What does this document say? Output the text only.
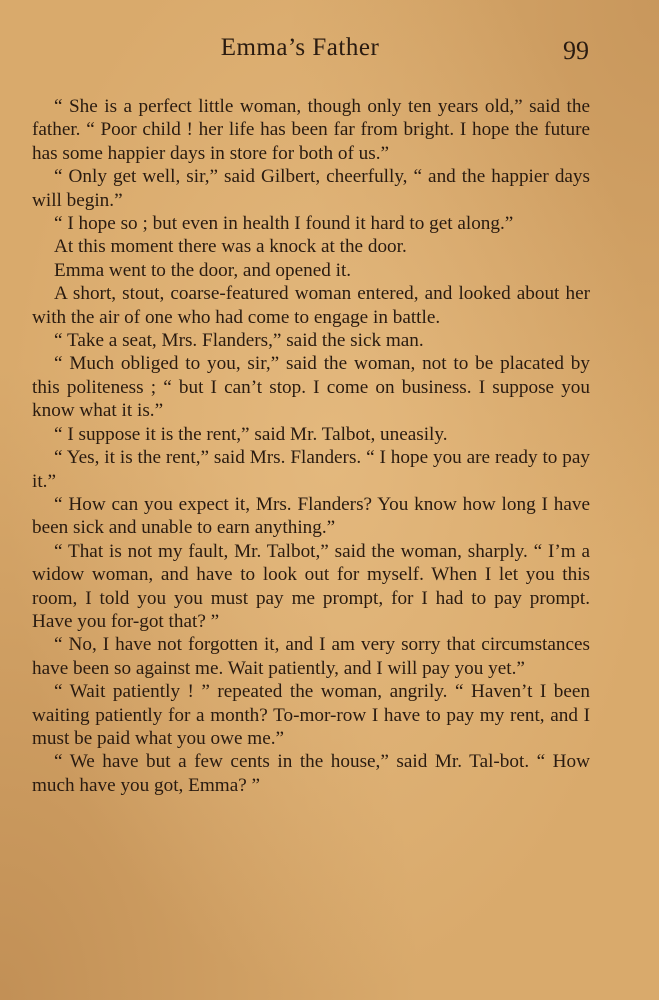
Emma’s Father	99

“ She is a perfect little woman, though only ten years old,” said the father. “ Poor child ! her life has been far from bright. I hope the future has some happier days in store for both of us.”

“ Only get well, sir,” said Gilbert, cheerfully, “ and the happier days will begin.”

“ I hope so ; but even in health I found it hard to get along.”

At this moment there was a knock at the door.

Emma went to the door, and opened it.

A short, stout, coarse-featured woman entered, and looked about her with the air of one who had come to engage in battle.

“ Take a seat, Mrs. Flanders,” said the sick man.

“ Much obliged to you, sir,” said the woman, not to be placated by this politeness ; “ but I can’t stop. I come on business. I suppose you know what it is.”

“ I suppose it is the rent,” said Mr. Talbot, uneasily.

“ Yes, it is the rent,” said Mrs. Flanders. “ I hope you are ready to pay it.”

“ How can you expect it, Mrs. Flanders? You know how long I have been sick and unable to earn anything.”

“ That is not my fault, Mr. Talbot,” said the woman, sharply. “ I’m a widow woman, and have to look out for myself. When I let you this room, I told you you must pay me prompt, for I had to pay prompt. Have you for-got that? ”

“ No, I have not forgotten it, and I am very sorry that circumstances have been so against me. Wait patiently, and I will pay you yet.”

“ Wait patiently ! ” repeated the woman, angrily. “ Haven’t I been waiting patiently for a month? To-mor-row I have to pay my rent, and I must be paid what you owe me.”

“ We have but a few cents in the house,” said Mr. Tal-bot. “ How much have you got, Emma? ”
